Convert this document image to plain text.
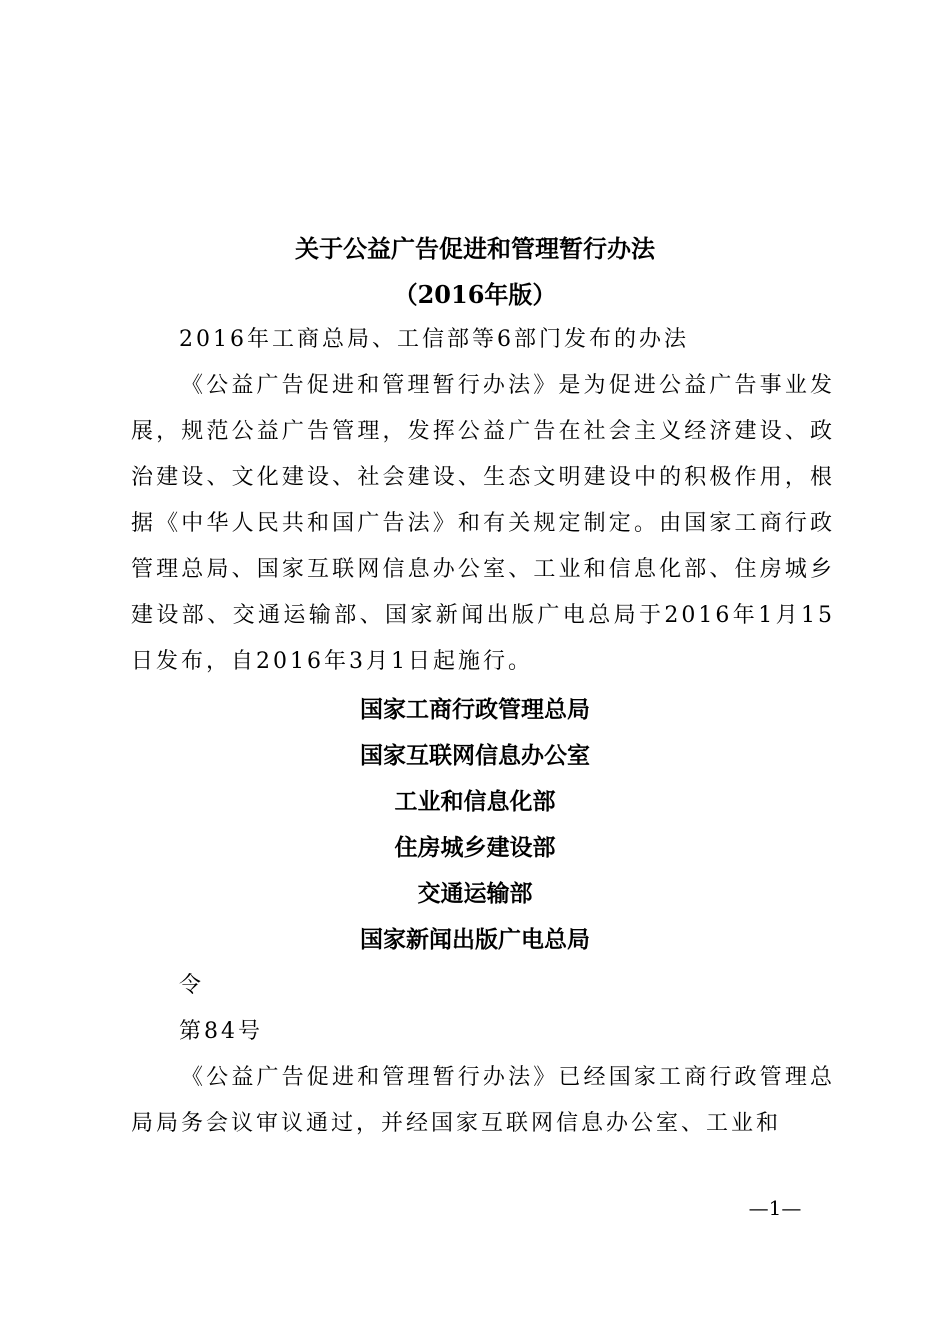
关于公益广告促进和管理暂行办法
（2016年版）
2016年工商总局、工信部等6部门发布的办法

《公益广告促进和管理暂行办法》是为促进公益广告事业发展，规范公益广告管理，发挥公益广告在社会主义经济建设、政治建设、文化建设、社会建设、生态文明建设中的积极作用，根据《中华人民共和国广告法》和有关规定制定。由国家工商行政管理总局、国家互联网信息办公室、工业和信息化部、住房城乡建设部、交通运输部、国家新闻出版广电总局于2016年1月15日发布，自2016年3月1日起施行。

国家工商行政管理总局
国家互联网信息办公室
工业和信息化部
住房城乡建设部
交通运输部
国家新闻出版广电总局
令
第84号

《公益广告促进和管理暂行办法》已经国家工商行政管理总局局务会议审议通过，并经国家互联网信息办公室、工业和

—1—
